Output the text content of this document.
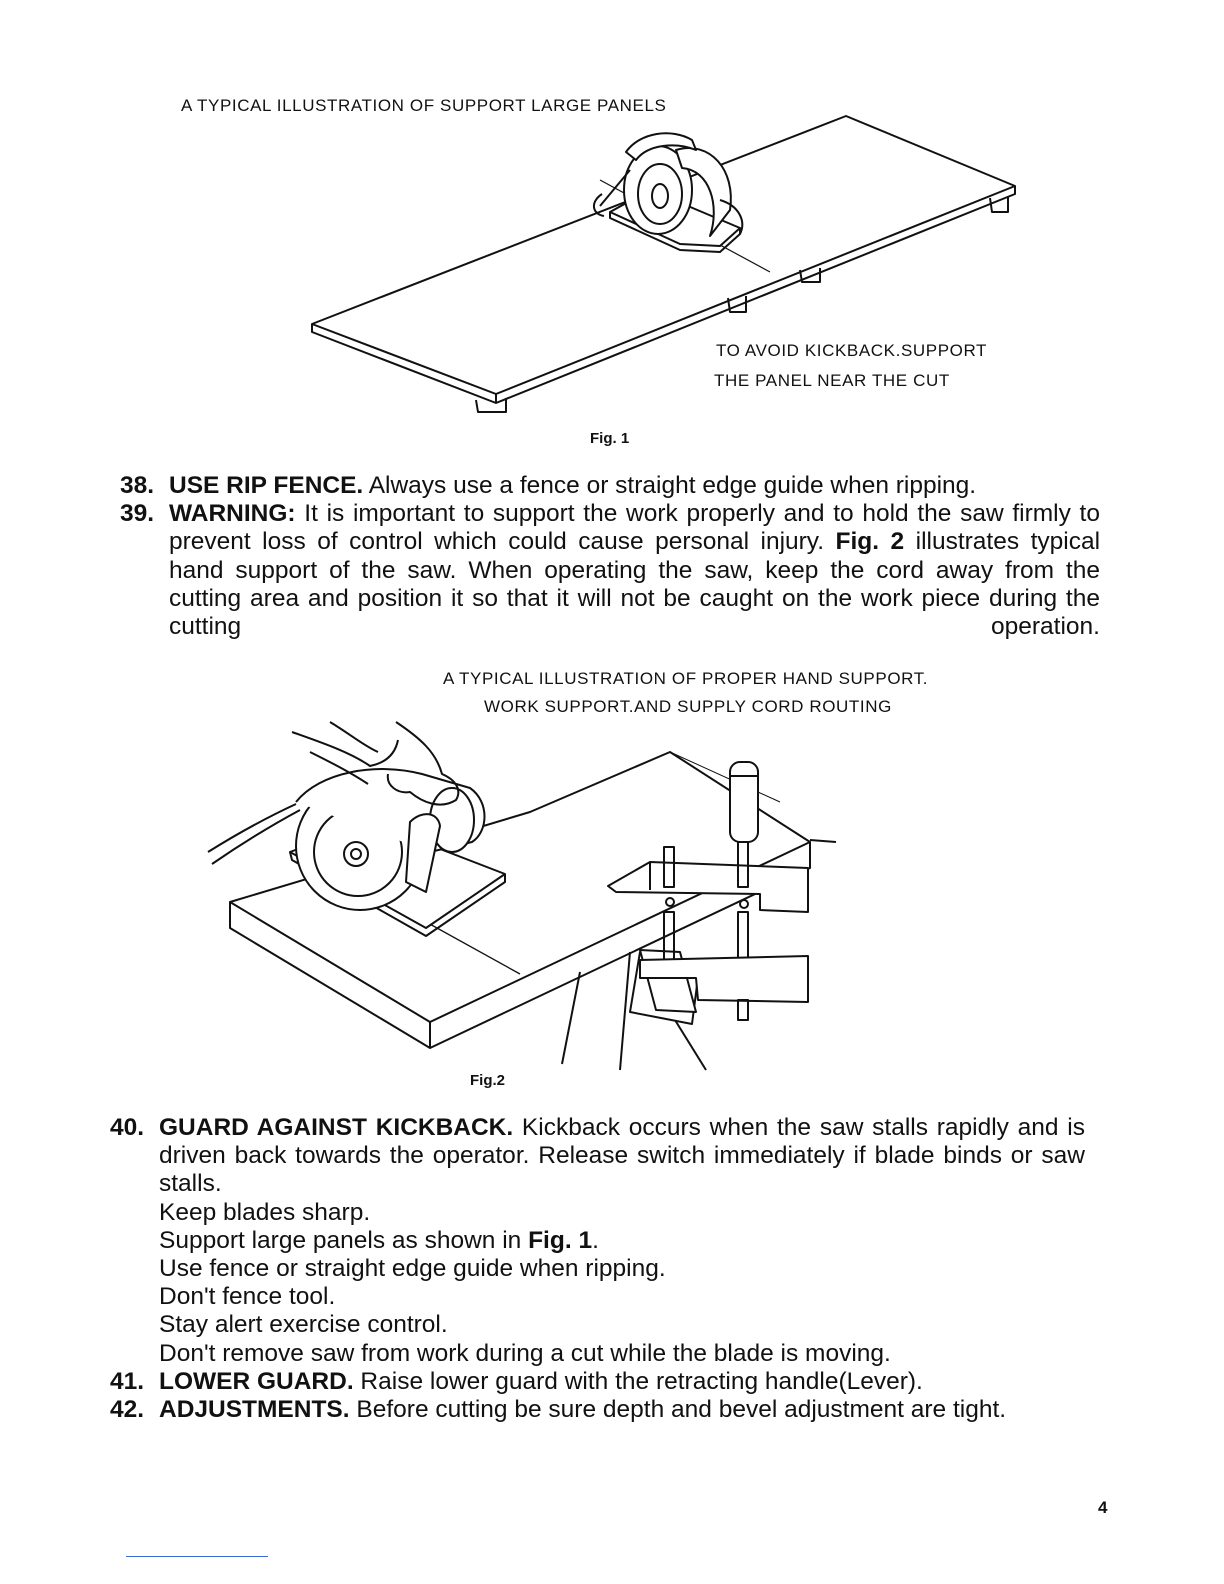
A TYPICAL ILLUSTRATION OF SUPPORT LARGE PANELS
TO AVOID KICKBACK.SUPPORT
THE PANEL NEAR THE CUT
Fig. 1
38. USE RIP FENCE. Always use a fence or straight edge guide when ripping.
39. WARNING: It is important to support the work properly and to hold the saw firmly to prevent loss of control which could cause personal injury. Fig. 2 illustrates typical hand support of the saw. When operating the saw, keep the cord away from the cutting area and position it so that it will not be caught on the work piece during the cutting operation.
A TYPICAL ILLUSTRATION OF PROPER HAND SUPPORT.
WORK SUPPORT.AND SUPPLY CORD ROUTING
Fig.2
40. GUARD AGAINST KICKBACK. Kickback occurs when the saw stalls rapidly and is driven back towards the operator. Release switch immediately if blade binds or saw stalls.
Keep blades sharp.
Support large panels as shown in Fig. 1.
Use fence or straight edge guide when ripping.
Don't fence tool.
Stay alert exercise control.
Don't remove saw from work during a cut while the blade is moving.
41. LOWER GUARD. Raise lower guard with the retracting handle(Lever).
42. ADJUSTMENTS. Before cutting be sure depth and bevel adjustment are tight.
4
